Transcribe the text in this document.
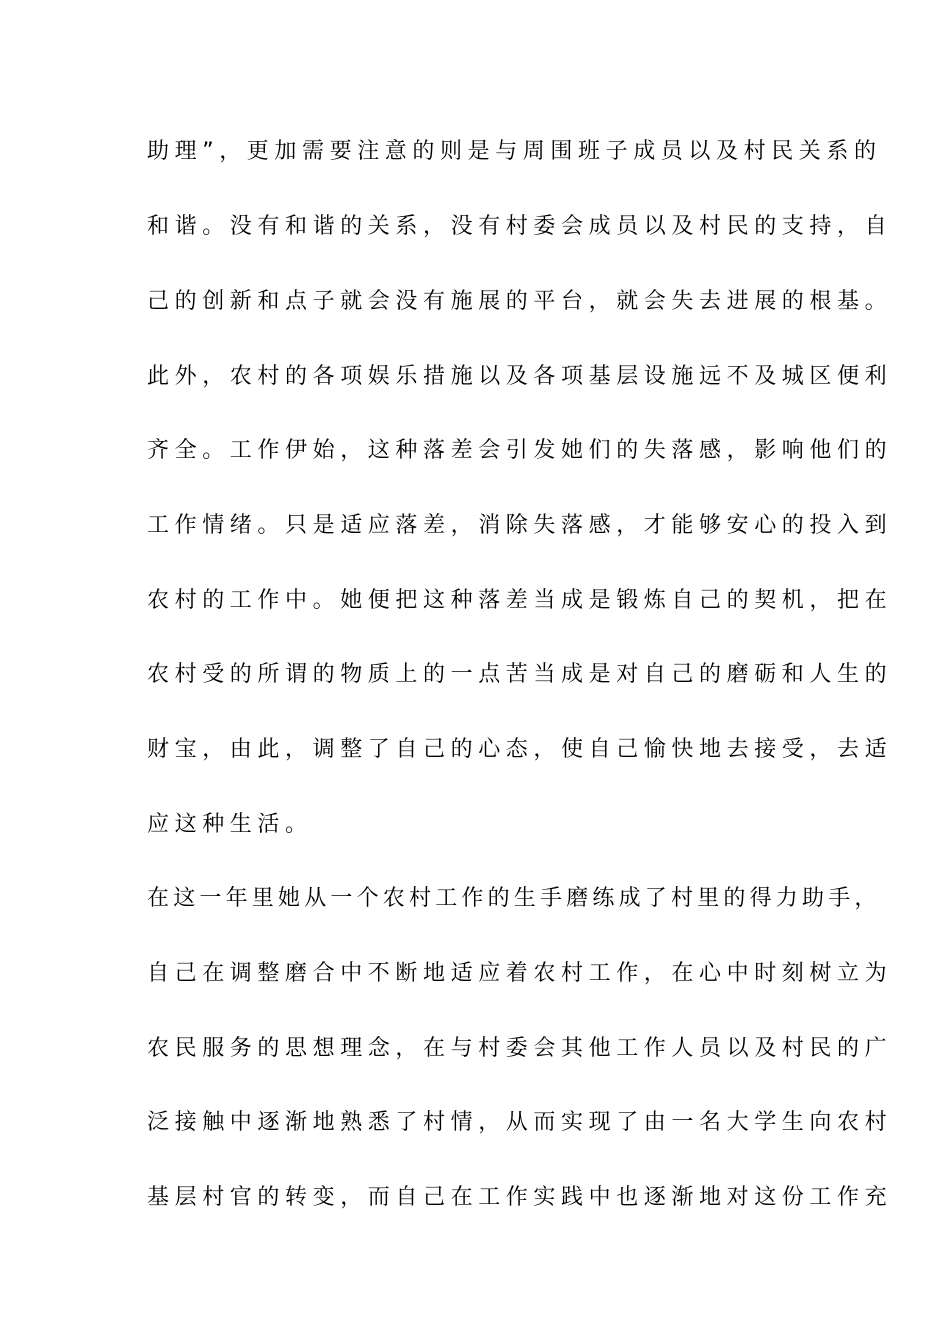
助理”，更加需要注意的则是与周围班子成员以及村民关系的
和谐。没有和谐的关系，没有村委会成员以及村民的支持，自
己的创新和点子就会没有施展的平台，就会失去进展的根基。
此外，农村的各项娱乐措施以及各项基层设施远不及城区便利
齐全。工作伊始，这种落差会引发她们的失落感，影响他们的
工作情绪。只是适应落差，消除失落感，才能够安心的投入到
农村的工作中。她便把这种落差当成是锻炼自己的契机，把在
农村受的所谓的物质上的一点苦当成是对自己的磨砺和人生的
财宝，由此，调整了自己的心态，使自己愉快地去接受，去适
应这种生活。
在这一年里她从一个农村工作的生手磨练成了村里的得力助手，
自己在调整磨合中不断地适应着农村工作，在心中时刻树立为
农民服务的思想理念，在与村委会其他工作人员以及村民的广
泛接触中逐渐地熟悉了村情，从而实现了由一名大学生向农村
基层村官的转变，而自己在工作实践中也逐渐地对这份工作充
